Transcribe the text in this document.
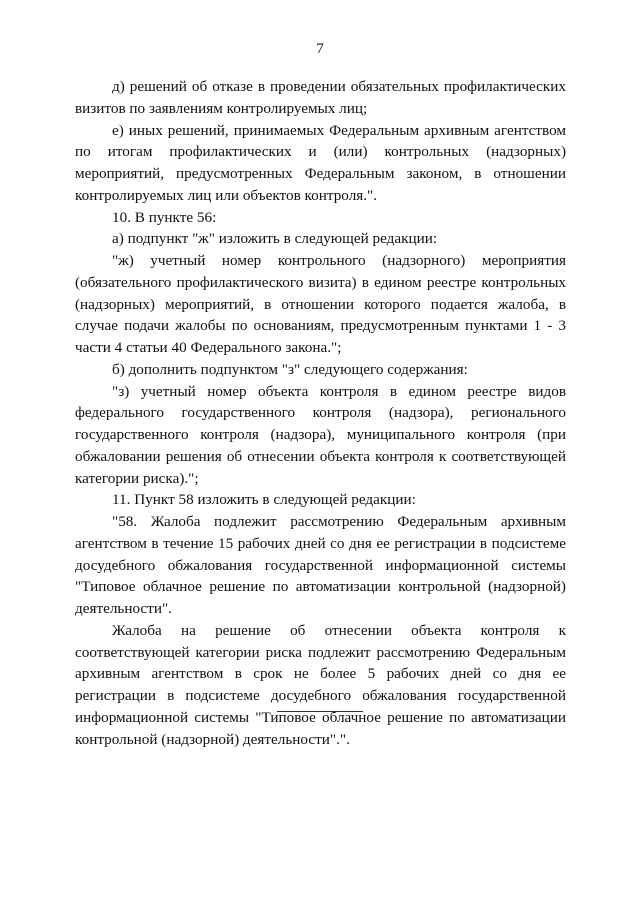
7

д) решений об отказе в проведении обязательных профилактических визитов по заявлениям контролируемых лиц;

е) иных решений, принимаемых Федеральным архивным агентством по итогам профилактических и (или) контрольных (надзорных) мероприятий, предусмотренных Федеральным законом, в отношении контролируемых лиц или объектов контроля.".

10. В пункте 56:

а) подпункт "ж" изложить в следующей редакции:

"ж) учетный номер контрольного (надзорного) мероприятия (обязательного профилактического визита) в едином реестре контрольных (надзорных) мероприятий, в отношении которого подается жалоба, в случае подачи жалобы по основаниям, предусмотренным пунктами 1 - 3 части 4 статьи 40 Федерального закона.";

б) дополнить подпунктом "з" следующего содержания:

"з) учетный номер объекта контроля в едином реестре видов федерального государственного контроля (надзора), регионального государственного контроля (надзора), муниципального контроля (при обжаловании решения об отнесении объекта контроля к соответствующей категории риска).";

11. Пункт 58 изложить в следующей редакции:

"58. Жалоба подлежит рассмотрению Федеральным архивным агентством в течение 15 рабочих дней со дня ее регистрации в подсистеме досудебного обжалования государственной информационной системы "Типовое облачное решение по автоматизации контрольной (надзорной) деятельности".

Жалоба на решение об отнесении объекта контроля к соответствующей категории риска подлежит рассмотрению Федеральным архивным агентством в срок не более 5 рабочих дней со дня ее регистрации в подсистеме досудебного обжалования государственной информационной системы "Типовое облачное решение по автоматизации контрольной (надзорной) деятельности".".
